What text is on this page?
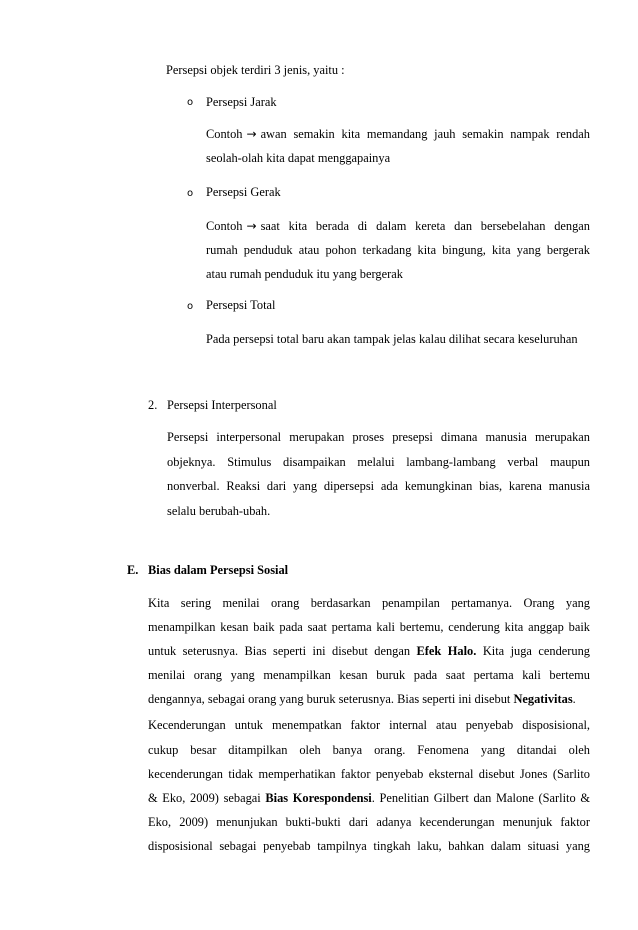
Persepsi objek terdiri 3 jenis, yaitu :
o Persepsi Jarak
Contoh → awan semakin kita memandang jauh semakin nampak rendah
seolah-olah kita dapat menggapainya
o Persepsi Gerak
Contoh → saat kita berada di dalam kereta dan bersebelahan dengan
rumah penduduk atau pohon terkadang kita bingung, kita yang bergerak
atau rumah penduduk itu yang bergerak
o Persepsi Total
Pada persepsi total baru akan tampak jelas kalau dilihat secara keseluruhan
2. Persepsi Interpersonal
Persepsi interpersonal merupakan proses presepsi dimana manusia merupakan
objeknya. Stimulus disampaikan melalui lambang-lambang verbal maupun
nonverbal. Reaksi dari yang dipersepsi ada kemungkinan bias, karena manusia
selalu berubah-ubah.
E. Bias dalam Persepsi Sosial
Kita sering menilai orang berdasarkan penampilan pertamanya. Orang yang
menampilkan kesan baik pada saat pertama kali bertemu, cenderung kita anggap baik
untuk seterusnya. Bias seperti ini disebut dengan Efek Halo. Kita juga cenderung
menilai orang yang menampilkan kesan buruk pada saat pertama kali bertemu
dengannya, sebagai orang yang buruk seterusnya. Bias seperti ini disebut Negativitas.
Kecenderungan untuk menempatkan faktor internal atau penyebab disposisional,
cukup besar ditampilkan oleh banya orang. Fenomena yang ditandai oleh
kecenderungan tidak memperhatikan faktor penyebab eksternal disebut Jones (Sarlito
& Eko, 2009) sebagai Bias Korespondensi. Penelitian Gilbert dan Malone (Sarlito &
Eko, 2009) menunjukan bukti-bukti dari adanya kecenderungan menunjuk faktor
disposisional sebagai penyebab tampilnya tingkah laku, bahkan dalam situasi yang
